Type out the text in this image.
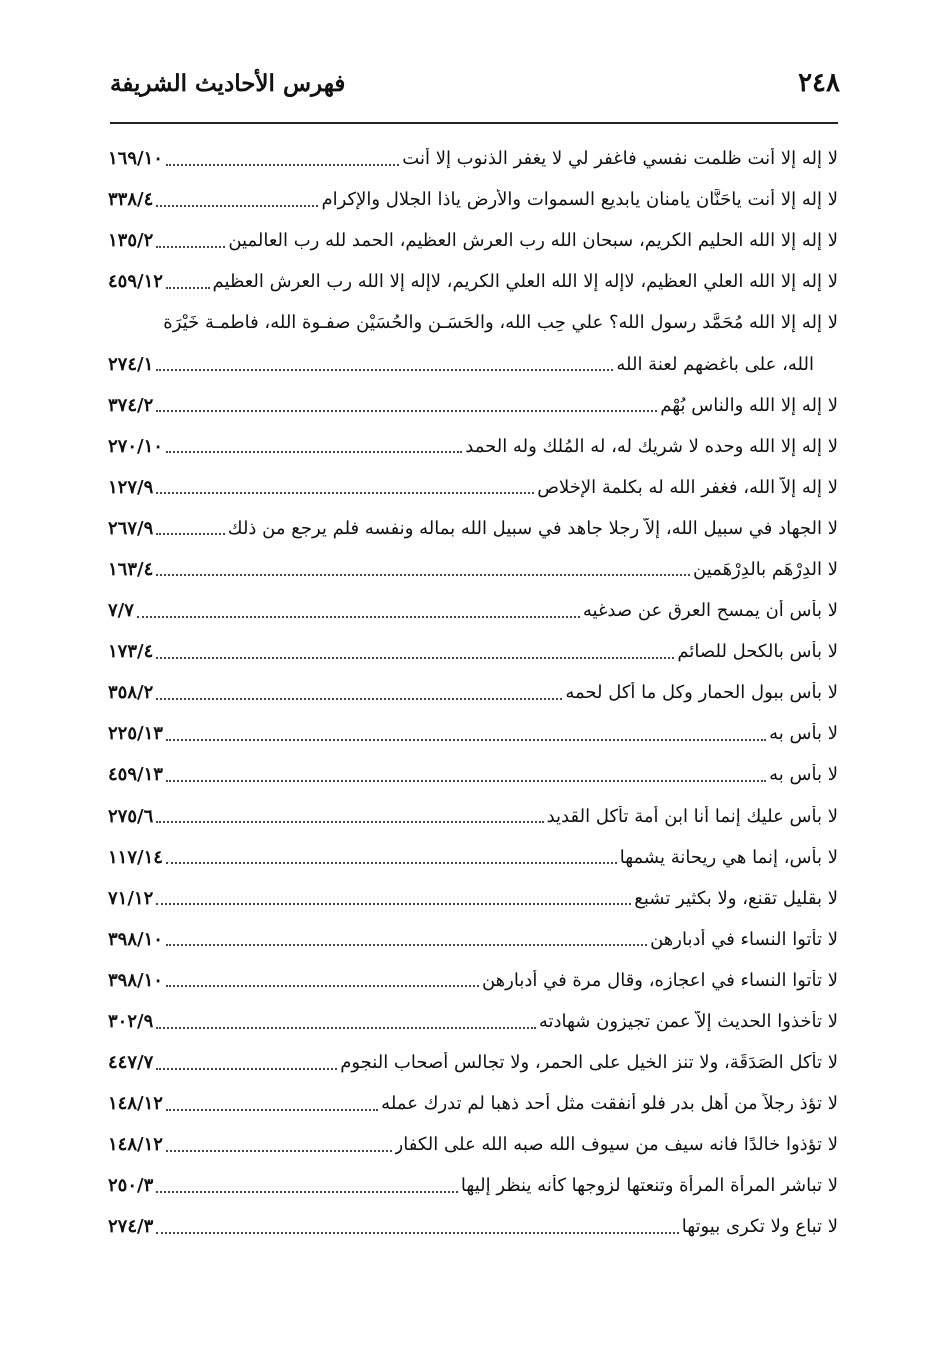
٢٤٨
فهرس الأحاديث الشريفة
لا إله إلا أنت ظلمت نفسي فاغفر لي لا يغفر الذنوب إلا أنت
١٦٩/١٠
لا إله إلا أنت ياحَنَّان يامنان يابديع السموات والأرض ياذا الجلال والإكرام
٣٣٨/٤
لا إله إلا الله الحليم الكريم، سبحان الله رب العرش العظيم، الحمد لله رب العالمين
١٣٥/٢
لا إله إلا الله العلي العظيم، لاإله إلا الله العلي الكريم، لاإله إلا الله رب العرش العظيم
٤٥٩/١٢
لا إله إلا الله مُحَمَّد رسول الله؟ علي حِب الله، والحَسَـن والحُسَيْن صفـوة الله، فاطمـة خَيْرَة
الله، على باغضهم لعنة الله
٢٧٤/١
لا إله إلا الله والناس بُهْم
٣٧٤/٢
لا إله إلا الله وحده لا شريك له، له المُلك وله الحمد
٢٧٠/١٠
لا إله إلاّ الله، فغفر الله له بكلمة الإخلاص
١٢٧/٩
لا الجهاد في سبيل الله، إلاّ رجلا جاهد في سبيل الله بماله ونفسه فلم يرجع من ذلك
٢٦٧/٩
لا الدِرْهَم بالدِرْهَمين
١٦٣/٤
لا بأس أن يمسح العرق عن صدغيه
٧/٧
لا بأس بالكحل للصائم
١٧٣/٤
لا بأس ببول الحمار وكل ما أكل لحمه
٣٥٨/٢
لا بأس به
٢٢٥/١٣
لا بأس به
٤٥٩/١٣
لا بأس عليك إنما أنا ابن أمة تأكل القديد
٢٧٥/٦
لا بأس، إنما هي ريحانة يشمها
١١٧/١٤
لا بقليل تقنع، ولا بكثير تشبع
٧١/١٢
لا تأتوا النساء في أدبارهن
٣٩٨/١٠
لا تأتوا النساء في اعجازه، وقال مرة في أدبارهن
٣٩٨/١٠
لا تأخذوا الحديث إلاّ عمن تجيزون شهادته
٣٠٢/٩
لا تأكل الصَدَقَة، ولا تنز الخيل على الحمر، ولا تجالس أصحاب النجوم
٤٤٧/٧
لا تؤذ رجلاً من أهل بدر فلو أنفقت مثل أحد ذهبا لم تدرك عمله
١٤٨/١٢
لا تؤذوا خالدًا فانه سيف من سيوف الله صبه الله على الكفار
١٤٨/١٢
لا تباشر المرأة المرأة وتنعتها لزوجها كأنه ينظر إليها
٢٥٠/٣
لا تباع ولا تكرى بيوتها
٢٧٤/٣
